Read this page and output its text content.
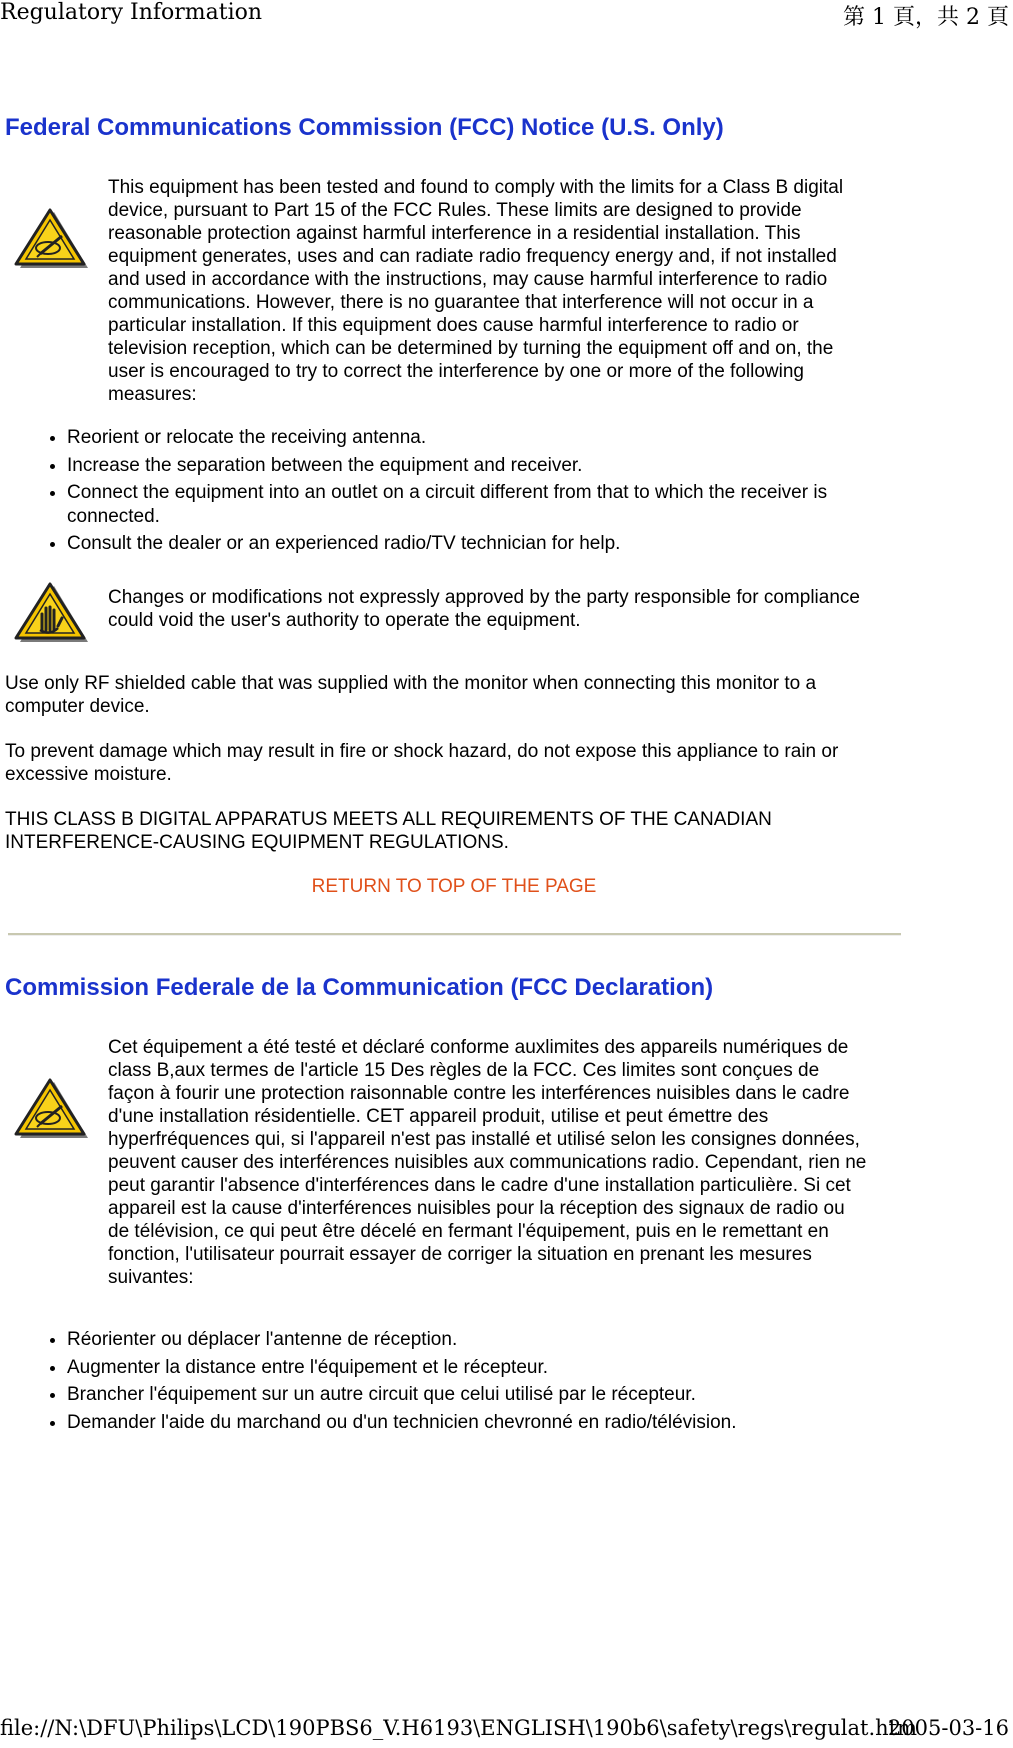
Regulatory Information	第 1 頁，共 2 頁
Federal Communications Commission (FCC) Notice (U.S. Only)
This equipment has been tested and found to comply with the limits for a Class B digital device, pursuant to Part 15 of the FCC Rules. These limits are designed to provide reasonable protection against harmful interference in a residential installation. This equipment generates, uses and can radiate radio frequency energy and, if not installed and used in accordance with the instructions, may cause harmful interference to radio communications. However, there is no guarantee that interference will not occur in a particular installation. If this equipment does cause harmful interference to radio or television reception, which can be determined by turning the equipment off and on, the user is encouraged to try to correct the interference by one or more of the following measures:
• Reorient or relocate the receiving antenna.
• Increase the separation between the equipment and receiver.
• Connect the equipment into an outlet on a circuit different from that to which the receiver is connected.
• Consult the dealer or an experienced radio/TV technician for help.
Changes or modifications not expressly approved by the party responsible for compliance could void the user's authority to operate the equipment.

Use only RF shielded cable that was supplied with the monitor when connecting this monitor to a computer device.

To prevent damage which may result in fire or shock hazard, do not expose this appliance to rain or excessive moisture.

THIS CLASS B DIGITAL APPARATUS MEETS ALL REQUIREMENTS OF THE CANADIAN INTERFERENCE-CAUSING EQUIPMENT REGULATIONS.

RETURN TO TOP OF THE PAGE
Commission Federale de la Communication (FCC Declaration)
Cet équipement a été testé et déclaré conforme auxlimites des appareils numériques de class B,aux termes de l'article 15 Des règles de la FCC. Ces limites sont conçues de façon à fourir une protection raisonnable contre les interférences nuisibles dans le cadre d'une installation résidentielle. CET appareil produit, utilise et peut émettre des hyperfréquences qui, si l'appareil n'est pas installé et utilisé selon les consignes données, peuvent causer des interférences nuisibles aux communications radio. Cependant, rien ne peut garantir l'absence d'interférences dans le cadre d'une installation particulière. Si cet appareil est la cause d'interférences nuisibles pour la réception des signaux de radio ou de télévision, ce qui peut être décelé en fermant l'équipement, puis en le remettant en fonction, l'utilisateur pourrait essayer de corriger la situation en prenant les mesures suivantes:
• Réorienter ou déplacer l'antenne de réception.
• Augmenter la distance entre l'équipement et le récepteur.
• Brancher l'équipement sur un autre circuit que celui utilisé par le récepteur.
• Demander l'aide du marchand ou d'un technicien chevronné en radio/télévision.
file://N:\DFU\Philips\LCD\190PBS6_V.H6193\ENGLISH\190b6\safety\regs\regulat.htm
2005-03-16
